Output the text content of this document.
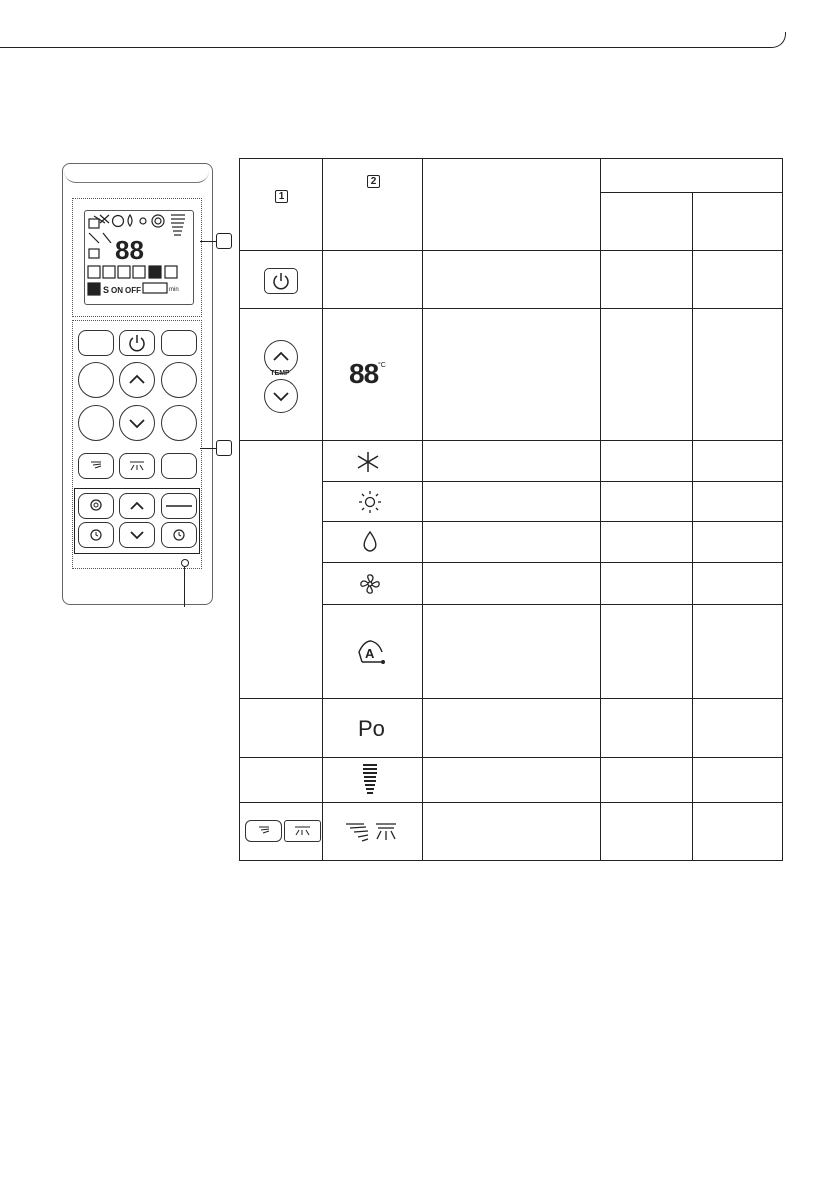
88
S ON OFF	min
1
2
TEMP	88 °C
A
Po
